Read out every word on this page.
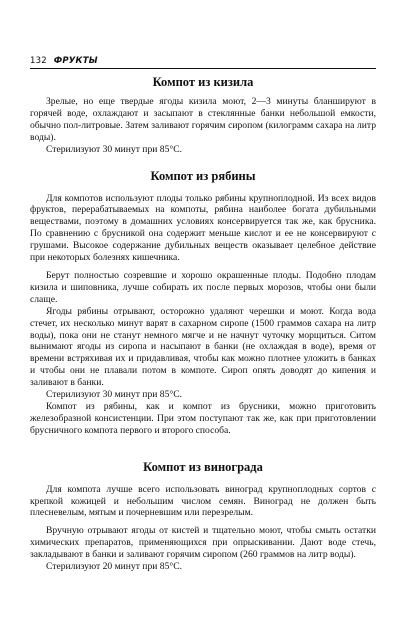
132 ФРУКТЫ
Компот из кизила

Зрелые, но еще твердые ягоды кизила моют, 2—3 минуты бланшируют в горячей воде, охлаждают и засыпают в стеклянные банки небольшой емкости, обычно пол-литровые. Затем заливают горячим сиропом (килограмм сахара на литр воды).

Стерилизуют 30 минут при 85°С.

Компот из рябины

Для компотов используют плоды только рябины крупноплодной. Из всех видов фруктов, перерабатываемых на компоты, рябина наиболее богата дубильными веществами, поэтому в домашних условиях консервируется так же, как брусника. По сравнению с брусникой она содержит меньше кислот и ее не консервируют с грушами. Высокое содержание дубильных веществ оказывает целебное действие при некоторых болезнях кишечника.

Берут полностью созревшие и хорошо окрашенные плоды. Подобно плодам кизила и шиповника, лучше собирать их после первых морозов, чтобы они были слаще.

Ягоды рябины отрывают, осторожно удаляют черешки и моют. Когда вода стечет, их несколько минут варят в сахарном сиропе (1500 граммов сахара на литр воды), пока они не станут немного мягче и не начнут чуточку морщиться. Ситом вынимают ягоды из сиропа и насыпают в банки (не охлаждая в воде), время от времени встряхивая их и придавливая, чтобы как можно плотнее уложить в банках и чтобы они не плавали потом в компоте. Сироп опять доводят до кипения и заливают в банки.

Стерилизуют 30 минут при 85°С.

Компот из рябины, как и компот из брусники, можно приготовить железобразной консистенции. При этом поступают так же, как при приготовлении брусничного компота первого и второго способа.

Компот из винограда

Для компота лучше всего использовать виноград крупноплодных сортов с крепкой кожицей и небольшим числом семян. Виноград не должен быть плесневелым, мятым и почерневшим или перезрелым.

Вручную отрывают ягоды от кистей и тщательно моют, чтобы смыть остатки химических препаратов, применяющихся при опрыскивании. Дают воде стечь, закладывают в банки и заливают горячим сиропом (260 граммов на литр воды).

Стерилизуют 20 минут при 85°С.
